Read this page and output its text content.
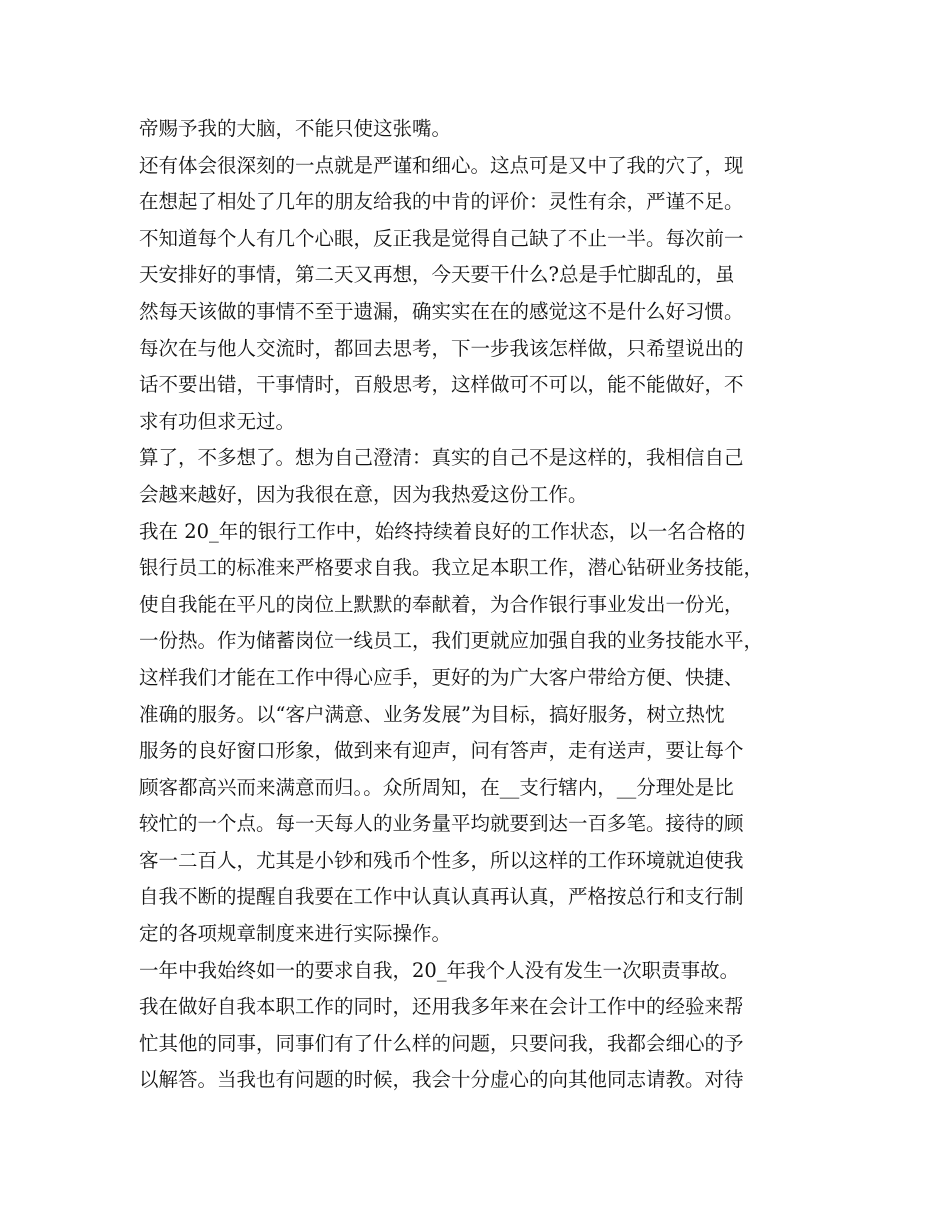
帝赐予我的大脑，不能只使这张嘴。
还有体会很深刻的一点就是严谨和细心。这点可是又中了我的穴了，现
在想起了相处了几年的朋友给我的中肯的评价：灵性有余，严谨不足。
不知道每个人有几个心眼，反正我是觉得自己缺了不止一半。每次前一
天安排好的事情，第二天又再想，今天要干什么?总是手忙脚乱的，虽
然每天该做的事情不至于遗漏，确实实在在的感觉这不是什么好习惯。
每次在与他人交流时，都回去思考，下一步我该怎样做，只希望说出的
话不要出错，干事情时，百般思考，这样做可不可以，能不能做好，不
求有功但求无过。
算了，不多想了。想为自己澄清：真实的自己不是这样的，我相信自己
会越来越好，因为我很在意，因为我热爱这份工作。
我在 20_年的银行工作中，始终持续着良好的工作状态，以一名合格的
银行员工的标准来严格要求自我。我立足本职工作，潜心钻研业务技能，
使自我能在平凡的岗位上默默的奉献着，为合作银行事业发出一份光，
一份热。作为储蓄岗位一线员工，我们更就应加强自我的业务技能水平，
这样我们才能在工作中得心应手，更好的为广大客户带给方便、快捷、
准确的服务。以“客户满意、业务发展”为目标，搞好服务，树立热忱
服务的良好窗口形象，做到来有迎声，问有答声，走有送声，要让每个
顾客都高兴而来满意而归。。众所周知，在__支行辖内，__分理处是比
较忙的一个点。每一天每人的业务量平均就要到达一百多笔。接待的顾
客一二百人，尤其是小钞和残币个性多，所以这样的工作环境就迫使我
自我不断的提醒自我要在工作中认真认真再认真，严格按总行和支行制
定的各项规章制度来进行实际操作。
一年中我始终如一的要求自我，20_年我个人没有发生一次职责事故。
我在做好自我本职工作的同时，还用我多年来在会计工作中的经验来帮
忙其他的同事，同事们有了什么样的问题，只要问我，我都会细心的予
以解答。当我也有问题的时候，我会十分虚心的向其他同志请教。对待
